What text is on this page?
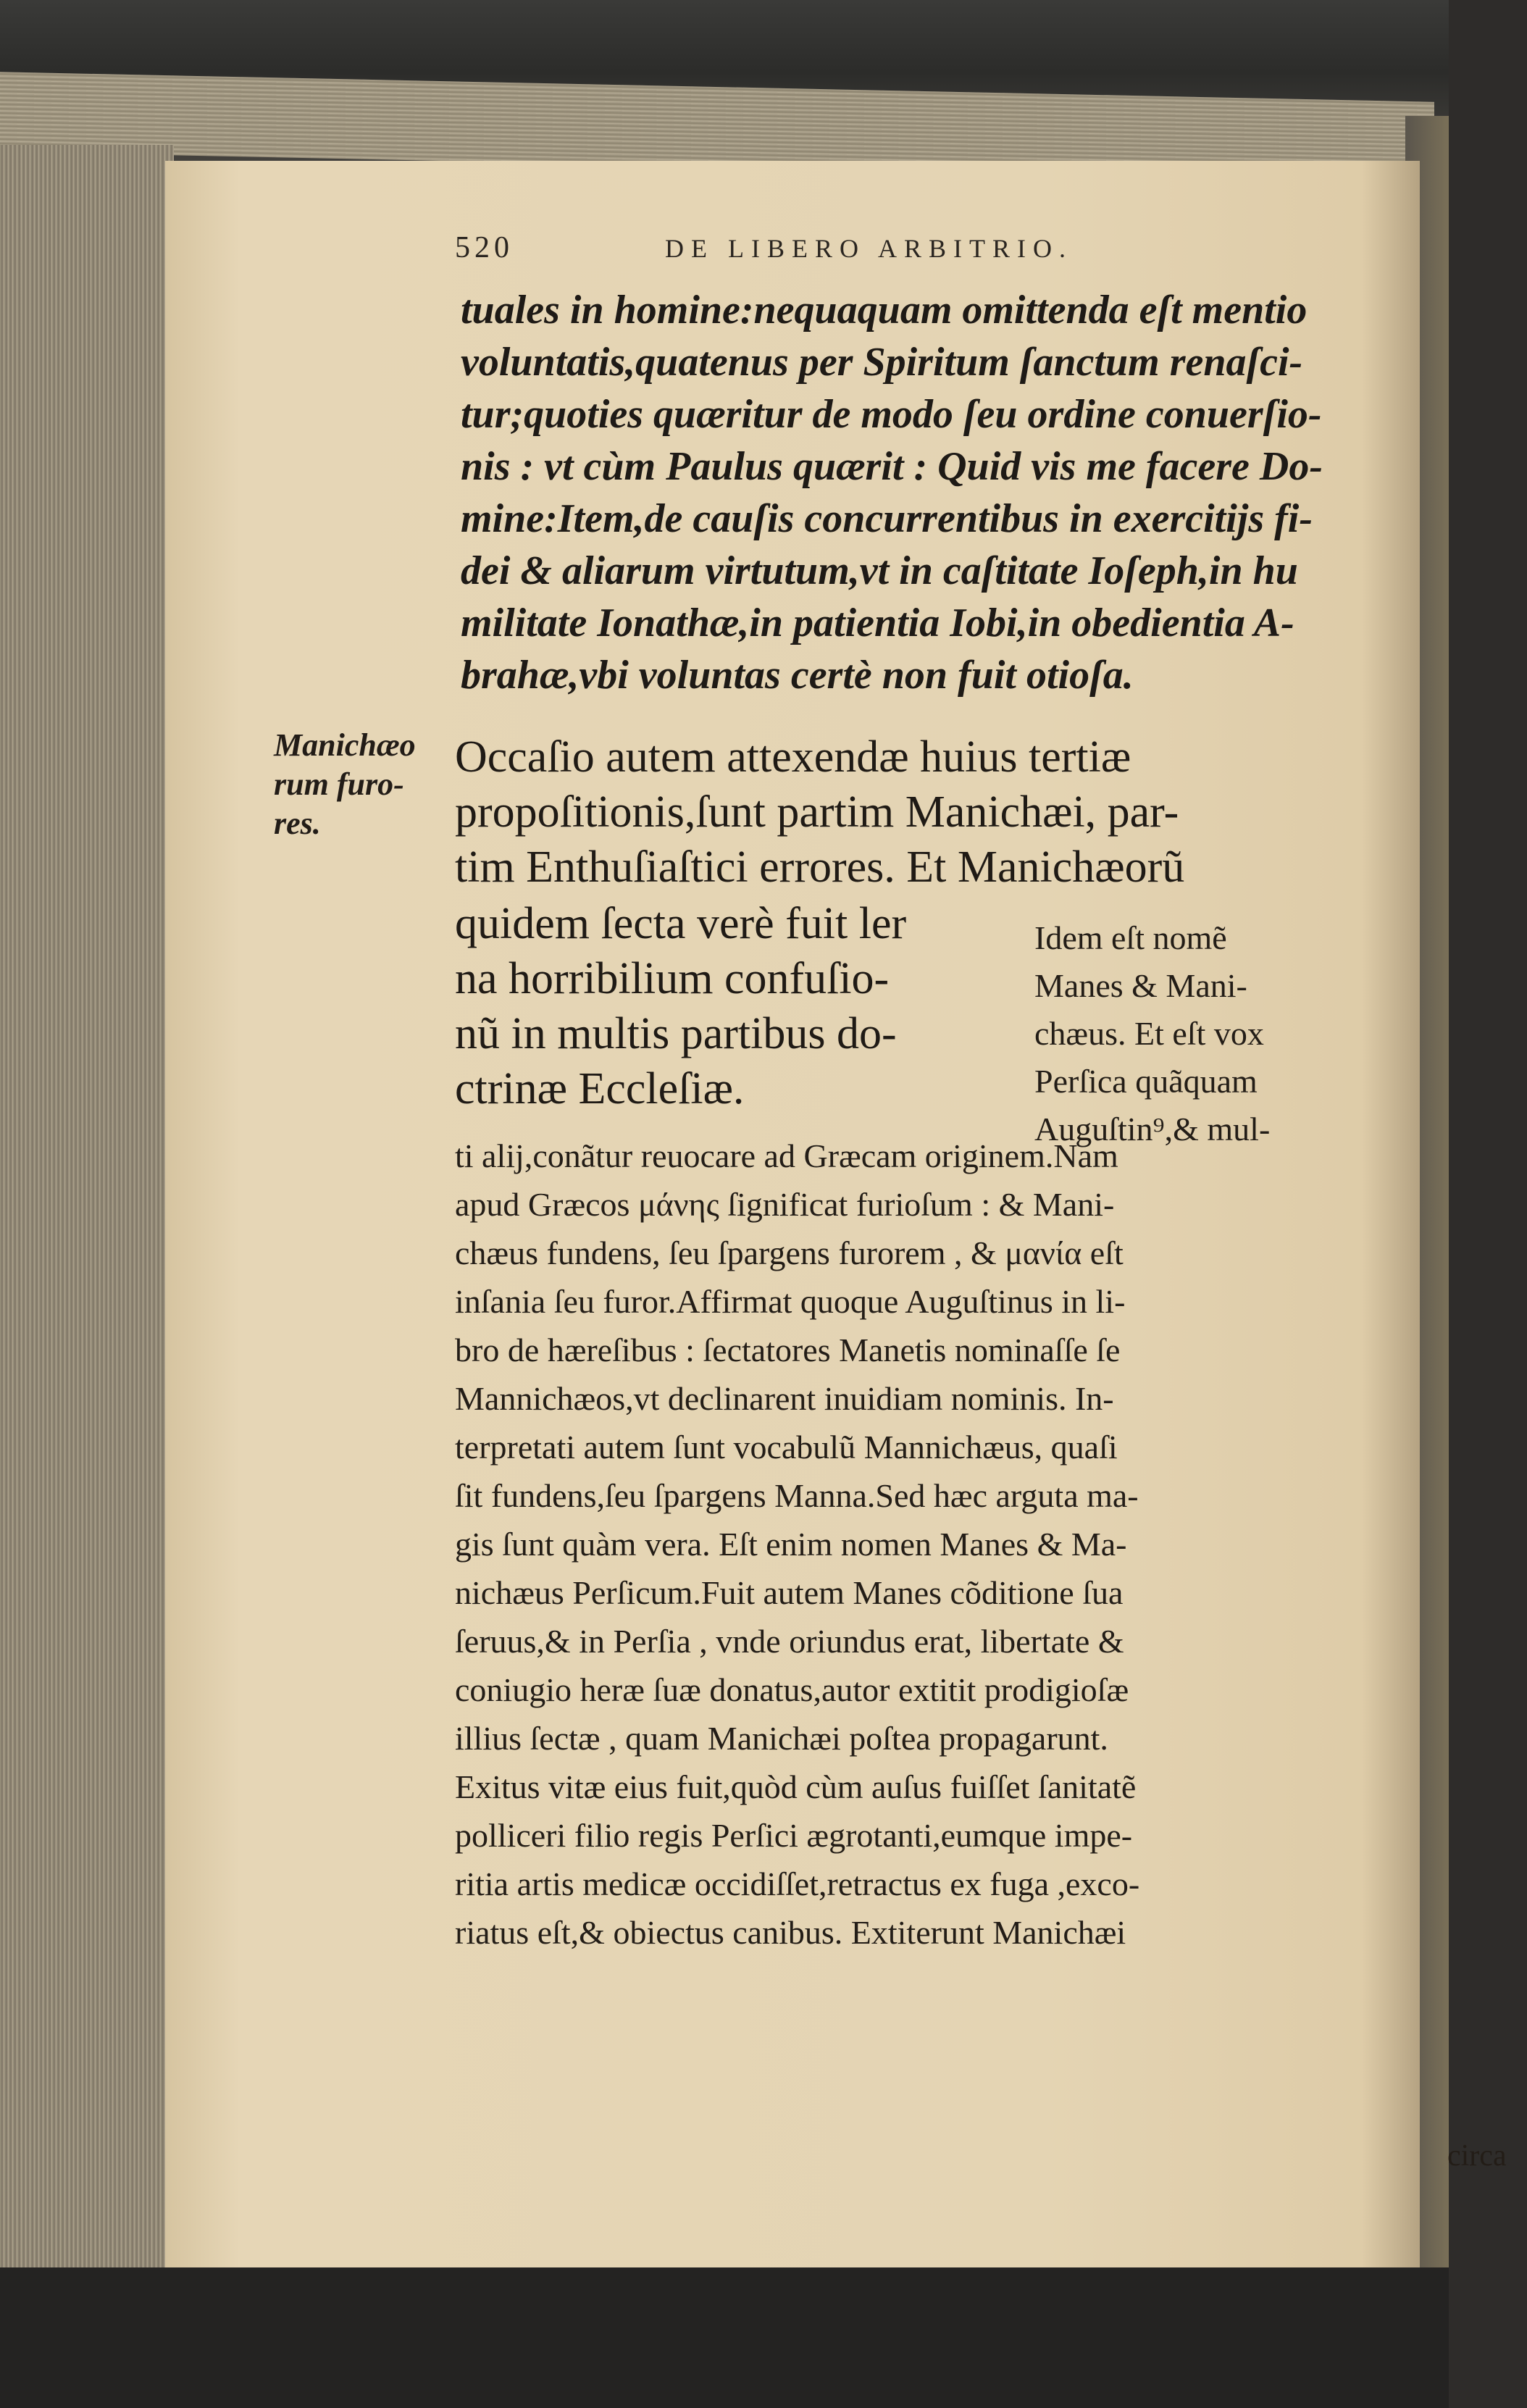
520	DE LIBERO ARBITRIO.
tuales in homine:nequaquam omittenda eſt mentio
voluntatis,quatenus per Spiritum ſanctum renaſci-
tur;quoties quæritur de modo ſeu ordine conuerſio-
nis : vt cùm Paulus quærit : Quid vis me facere Do-
mine:Item,de cauſis concurrentibus in exercitijs fi-
dei & aliarum virtutum,vt in caſtitate Ioſeph,in hu
militate Ionathæ,in patientia Iobi,in obedientia A-
brahæ,vbi voluntas certè non fuit otioſa.
Manichæo
rum furo-
res.
Occaſio autem attexendæ huius tertiæ
propoſitionis,ſunt partim Manichæi, par-
tim Enthuſiaſtici errores. Et Manichæorũ
quidem ſecta verè fuit ler
na horribilium confuſio-
nũ in multis partibus do-
ctrinæ Eccleſiæ.
Idem eſt nomẽ
Manes & Mani-
chæus. Et eſt vox
Perſica quãquam
Auguſtin⁹,& mul-
ti alij,conãtur reuocare ad Græcam originem.Nam
apud Græcos μάνης ſignificat furioſum : & Mani-
chæus fundens, ſeu ſpargens furorem , & μανία eſt
inſania ſeu furor.Affirmat quoque Auguſtinus in li-
bro de hæreſibus : ſectatores Manetis nominaſſe ſe
Mannichæos,vt declinarent inuidiam nominis. In-
terpretati autem ſunt vocabulũ Mannichæus, quaſi
ſit fundens,ſeu ſpargens Manna.Sed hæc arguta ma-
gis ſunt quàm vera. Eſt enim nomen Manes & Ma-
nichæus Perſicum.Fuit autem Manes cõditione ſua
ſeruus,& in Perſia , vnde oriundus erat, libertate &
coniugio heræ ſuæ donatus,autor extitit prodigioſæ
illius ſectæ , quam Manichæi poſtea propagarunt.
Exitus vitæ eius fuit,quòd cùm auſus fuiſſet ſanitatẽ
polliceri filio regis Perſici ægrotanti,eumque impe-
ritia artis medicæ occidiſſet,retractus ex fuga ,exco-
riatus eſt,& obiectus canibus. Extiterunt Manichæi
circa
